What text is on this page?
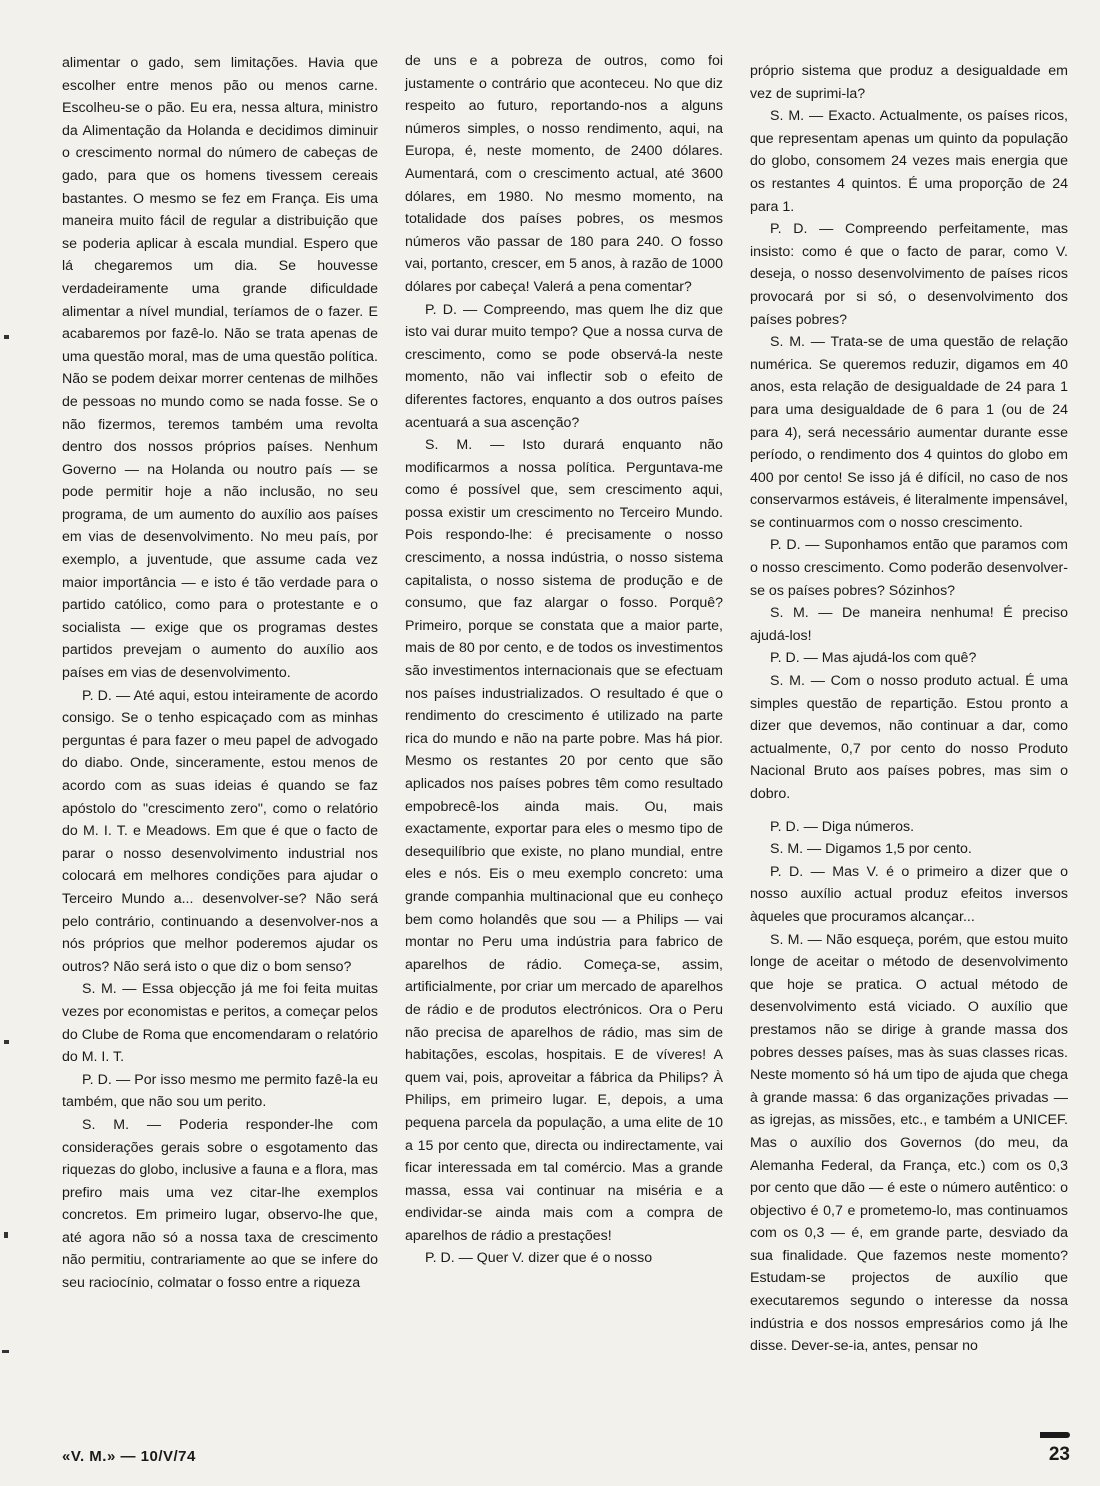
alimentar o gado, sem limitações. Havia que escolher entre menos pão ou menos carne. Escolheu-se o pão. Eu era, nessa altura, ministro da Alimentação da Holanda e decidimos diminuir o crescimento normal do número de cabeças de gado, para que os homens tivessem cereais bastantes. O mesmo se fez em França. Eis uma maneira muito fácil de regular a distribuição que se poderia aplicar à escala mundial. Espero que lá chegaremos um dia. Se houvesse verdadeiramente uma grande dificuldade alimentar a nível mundial, teríamos de o fazer. E acabaremos por fazê-lo. Não se trata apenas de uma questão moral, mas de uma questão política. Não se podem deixar morrer centenas de milhões de pessoas no mundo como se nada fosse. Se o não fizermos, teremos também uma revolta dentro dos nossos próprios países. Nenhum Governo — na Holanda ou noutro país — se pode permitir hoje a não inclusão, no seu programa, de um aumento do auxílio aos países em vias de desenvolvimento. No meu país, por exemplo, a juventude, que assume cada vez maior importância — e isto é tão verdade para o partido católico, como para o protestante e o socialista — exige que os programas destes partidos prevejam o aumento do auxílio aos países em vias de desenvolvimento.

P. D. — Até aqui, estou inteiramente de acordo consigo. Se o tenho espicaçado com as minhas perguntas é para fazer o meu papel de advogado do diabo. Onde, sinceramente, estou menos de acordo com as suas ideias é quando se faz apóstolo do "crescimento zero", como o relatório do M. I. T. e Meadows. Em que é que o facto de parar o nosso desenvolvimento industrial nos colocará em melhores condições para ajudar o Terceiro Mundo a... desenvolver-se? Não será pelo contrário, continuando a desenvolver-nos a nós próprios que melhor poderemos ajudar os outros? Não será isto o que diz o bom senso?

S. M. — Essa objecção já me foi feita muitas vezes por economistas e peritos, a começar pelos do Clube de Roma que encomendaram o relatório do M. I. T.

P. D. — Por isso mesmo me permito fazê-la eu também, que não sou um perito.

S. M. — Poderia responder-lhe com considerações gerais sobre o esgotamento das riquezas do globo, inclusive a fauna e a flora, mas prefiro mais uma vez citar-lhe exemplos concretos. Em primeiro lugar, observo-lhe que, até agora não só a nossa taxa de crescimento não permitiu, contrariamente ao que se infere do seu raciocínio, colmatar o fosso entre a riqueza

de uns e a pobreza de outros, como foi justamente o contrário que aconteceu. No que diz respeito ao futuro, reportando-nos a alguns números simples, o nosso rendimento, aqui, na Europa, é, neste momento, de 2400 dólares. Aumentará, com o crescimento actual, até 3600 dólares, em 1980. No mesmo momento, na totalidade dos países pobres, os mesmos números vão passar de 180 para 240. O fosso vai, portanto, crescer, em 5 anos, à razão de 1000 dólares por cabeça! Valerá a pena comentar?

P. D. — Compreendo, mas quem lhe diz que isto vai durar muito tempo? Que a nossa curva de crescimento, como se pode observá-la neste momento, não vai inflectir sob o efeito de diferentes factores, enquanto a dos outros países acentuará a sua ascenção?

S. M. — Isto durará enquanto não modificarmos a nossa política. Perguntava-me como é possível que, sem crescimento aqui, possa existir um crescimento no Terceiro Mundo. Pois respondo-lhe: é precisamente o nosso crescimento, a nossa indústria, o nosso sistema capitalista, o nosso sistema de produção e de consumo, que faz alargar o fosso. Porquê? Primeiro, porque se constata que a maior parte, mais de 80 por cento, e de todos os investimentos são investimentos internacionais que se efectuam nos países industrializados. O resultado é que o rendimento do crescimento é utilizado na parte rica do mundo e não na parte pobre. Mas há pior. Mesmo os restantes 20 por cento que são aplicados nos países pobres têm como resultado empobrecê-los ainda mais. Ou, mais exactamente, exportar para eles o mesmo tipo de desequilíbrio que existe, no plano mundial, entre eles e nós. Eis o meu exemplo concreto: uma grande companhia multinacional que eu conheço bem como holandês que sou — a Philips — vai montar no Peru uma indústria para fabrico de aparelhos de rádio. Começa-se, assim, artificialmente, por criar um mercado de aparelhos de rádio e de produtos electrónicos. Ora o Peru não precisa de aparelhos de rádio, mas sim de habitações, escolas, hospitais. E de víveres! A quem vai, pois, aproveitar a fábrica da Philips? À Philips, em primeiro lugar. E, depois, a uma pequena parcela da população, a uma elite de 10 a 15 por cento que, directa ou indirectamente, vai ficar interessada em tal comércio. Mas a grande massa, essa vai continuar na miséria e a endividar-se ainda mais com a compra de aparelhos de rádio a prestações!

P. D. — Quer V. dizer que é o nosso

próprio sistema que produz a desigualdade em vez de suprimi-la?

S. M. — Exacto. Actualmente, os países ricos, que representam apenas um quinto da população do globo, consomem 24 vezes mais energia que os restantes 4 quintos. É uma proporção de 24 para 1.

P. D. — Compreendo perfeitamente, mas insisto: como é que o facto de parar, como V. deseja, o nosso desenvolvimento de países ricos provocará por si só, o desenvolvimento dos países pobres?

S. M. — Trata-se de uma questão de relação numérica. Se queremos reduzir, digamos em 40 anos, esta relação de desigualdade de 24 para 1 para uma desigualdade de 6 para 1 (ou de 24 para 4), será necessário aumentar durante esse período, o rendimento dos 4 quintos do globo em 400 por cento! Se isso já é difícil, no caso de nos conservarmos estáveis, é literalmente impensável, se continuarmos com o nosso crescimento.

P. D. — Suponhamos então que paramos com o nosso crescimento. Como poderão desenvolver-se os países pobres? Sózinhos?

S. M. — De maneira nenhuma! É preciso ajudá-los!

P. D. — Mas ajudá-los com quê?

S. M. — Com o nosso produto actual. É uma simples questão de repartição. Estou pronto a dizer que devemos, não continuar a dar, como actualmente, 0,7 por cento do nosso Produto Nacional Bruto aos países pobres, mas sim o dobro.

P. D. — Diga números.

S. M. — Digamos 1,5 por cento.

P. D. — Mas V. é o primeiro a dizer que o nosso auxílio actual produz efeitos inversos àqueles que procuramos alcançar...

S. M. — Não esqueça, porém, que estou muito longe de aceitar o método de desenvolvimento que hoje se pratica. O actual método de desenvolvimento está viciado. O auxílio que prestamos não se dirige à grande massa dos pobres desses países, mas às suas classes ricas. Neste momento só há um tipo de ajuda que chega à grande massa: 6 das organizações privadas — as igrejas, as missões, etc., e também a UNICEF. Mas o auxílio dos Governos (do meu, da Alemanha Federal, da França, etc.) com os 0,3 por cento que dão — é este o número autêntico: o objectivo é 0,7 e prometemo-lo, mas continuamos com os 0,3 — é, em grande parte, desviado da sua finalidade. Que fazemos neste momento? Estudam-se projectos de auxílio que executaremos segundo o interesse da nossa indústria e dos nossos empresários como já lhe disse. Dever-se-ia, antes, pensar no

«V. M.» — 10/V/74	23
